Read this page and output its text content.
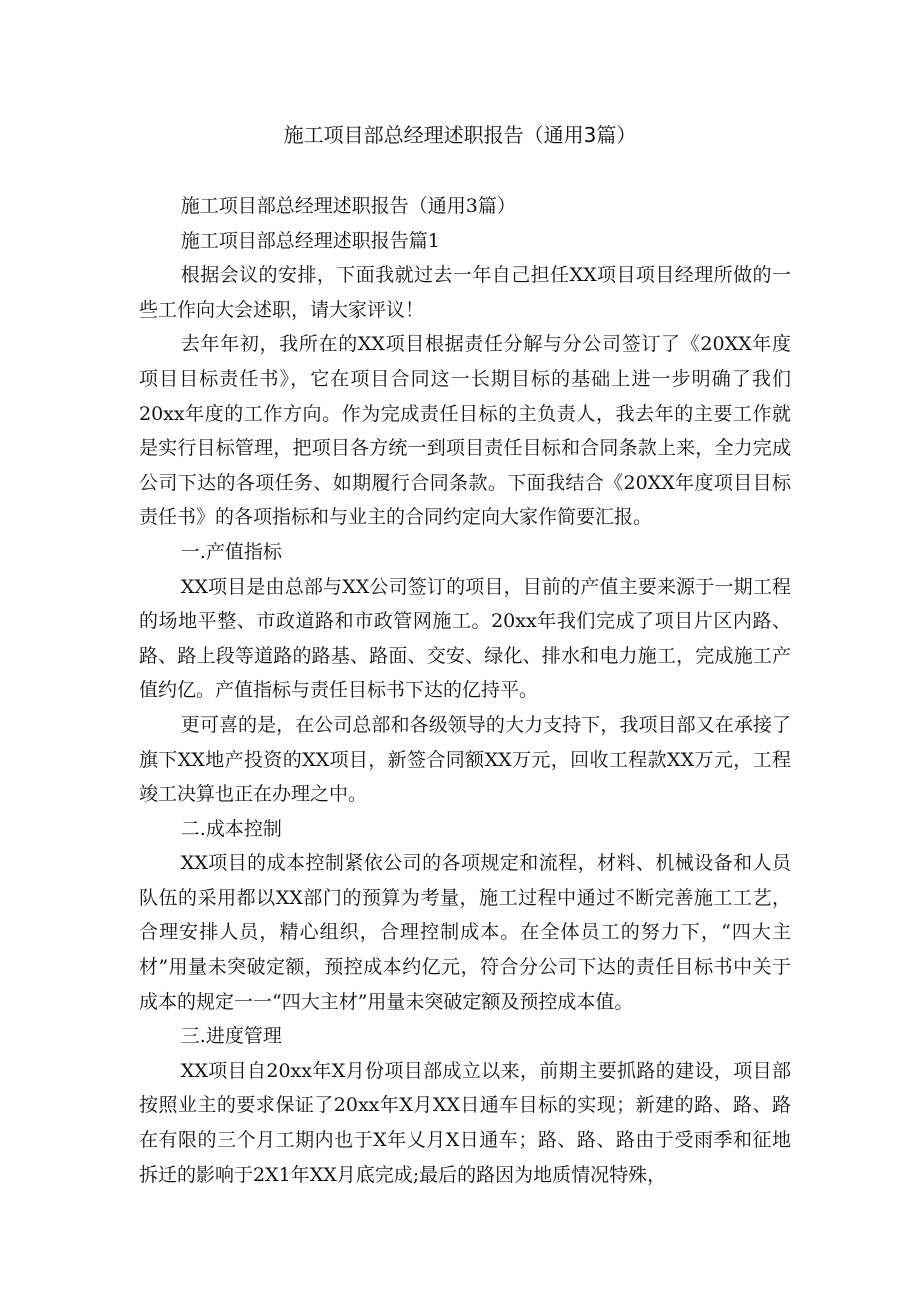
施工项目部总经理述职报告（通用3篇）

施工项目部总经理述职报告（通用3篇）

施工项目部总经理述职报告篇1

根据会议的安排，下面我就过去一年自己担任XX项目项目经理所做的一些工作向大会述职，请大家评议！

去年年初，我所在的XX项目根据责任分解与分公司签订了《20XX年度项目目标责任书》，它在项目合同这一长期目标的基础上进一步明确了我们20xx年度的工作方向。作为完成责任目标的主负责人，我去年的主要工作就是实行目标管理，把项目各方统一到项目责任目标和合同条款上来，全力完成公司下达的各项任务、如期履行合同条款。下面我结合《20XX年度项目目标责任书》的各项指标和与业主的合同约定向大家作简要汇报。

一.产值指标

XX项目是由总部与XX公司签订的项目，目前的产值主要来源于一期工程的场地平整、市政道路和市政管网施工。20xx年我们完成了项目片区内路、路、路上段等道路的路基、路面、交安、绿化、排水和电力施工，完成施工产值约亿。产值指标与责任目标书下达的亿持平。

更可喜的是，在公司总部和各级领导的大力支持下，我项目部又在承接了旗下XX地产投资的XX项目，新签合同额XX万元，回收工程款XX万元，工程竣工决算也正在办理之中。

二.成本控制

XX项目的成本控制紧依公司的各项规定和流程，材料、机械设备和人员队伍的采用都以XX部门的预算为考量，施工过程中通过不断完善施工工艺，合理安排人员，精心组织，合理控制成本。在全体员工的努力下，“四大主材”用量未突破定额，预控成本约亿元，符合分公司下达的责任目标书中关于成本的规定一一“四大主材”用量未突破定额及预控成本值。

三.进度管理

XX项目自20xx年X月份项目部成立以来，前期主要抓路的建设，项目部按照业主的要求保证了20xx年X月XX日通车目标的实现；新建的路、路、路在有限的三个月工期内也于X年乂月X日通车；路、路、路由于受雨季和征地拆迁的影响于2X1年XX月底完成;最后的路因为地质情况特殊，
